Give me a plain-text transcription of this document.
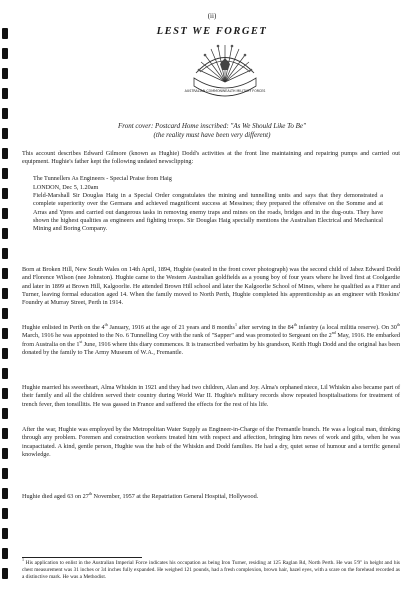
(ii)
LEST WE FORGET
AUSTRALIAN COMMONWEALTH MILITARY FORCES
Front cover: Postcard Home inscribed: "As We Should Like To Be"
(the reality must have been very different)
This account describes Edward Gilmore (known as Hughie) Dodd's activities at the front line maintaining and repairing pumps and carried out equipment. Hughie's father kept the following undated newsclipping:
The Tunnellers As Engineers - Special Praise from Haig
LONDON, Dec 5, 1.20am
Field-Marshall Sir Douglas Haig in a Special Order congratulates the mining and tunnelling units and says that they demonstrated a complete superiority over the Germans and achieved magnificent success at Messines; they prepared the offensive on the Somme and at Arras and Ypres and carried out dangerous tasks in removing enemy traps and mines on the roads, bridges and in the dug-outs. They have shown the highest qualities as engineers and fighting troops. Sir Douglas Haig specially mentions the Australian Electrical and Mechanical Mining and Boring Company.
Born at Broken Hill, New South Wales on 14th April, 1894, Hughie (seated in the front cover photograph) was the second child of Jabez Edward Dodd and Florence Wilson (nee Johnston). Hughie came to the Western Australian goldfields as a young boy of four years where he lived first at Coolgardie and later in 1899 at Brown Hill, Kalgoorlie. He attended Brown Hill school and later the Kalgoorlie School of Mines, where he qualified as a Fitter and Turner, leaving formal education aged 14. When the family moved to North Perth, Hughie completed his apprenticeship as an engineer with Hoskins' Foundry at Murray Street, Perth in 1914.
Hughie enlisted in Perth on the 4th January, 1916 at the age of 21 years and 8 months$^1$ after serving in the 84th infantry (a local militia reserve). On 30th March, 1916 he was appointed to the No. 6 Tunnelling Coy with the rank of "Sapper" and was promoted to Sergeant on the 2nd May, 1916. He embarked from Australia on the 1st June, 1916 where this diary commences. It is transcribed verbatim by his grandson, Keith Hugh Dodd and the original has been donated by the family to The Army Museum of W.A., Fremantle.
Hughie married his sweetheart, Alma Whiskin in 1921 and they had two children, Alan and Joy. Alma's orphaned niece, Lil Whiskin also became part of their family and all the children served their country during World War II. Hughie's military records show repeated hospitalisations for treatment of trench fever, then tonsillitis. He was gassed in France and suffered the effects for the rest of his life.
After the war, Hughie was employed by the Metropolitan Water Supply as Engineer-in-Charge of the Fremantle branch. He was a logical man, thinking through any problem. Foremen and construction workers treated him with respect and affection, bringing him news of work and gifts, when he was incapacitated. A kind, gentle person, Hughie was the hub of the Whiskin and Dodd families. He had a dry, quiet sense of humour and a terrific general knowledge.
Hughie died aged 63 on 27th November, 1957 at the Repatriation General Hospital, Hollywood.
$^1$ His application to enlist in the Australian Imperial Force indicates his occupation as being Iron Turner, residing at 125 Raglan Rd, North Perth. He was 5'9" in height and his chest measurement was 31 inches or 34 inches fully expanded. He weighed 121 pounds, had a fresh complexion, brown hair, hazel eyes, with a scare on the forehead recorded as a distinctive mark. He was a Methodist.
